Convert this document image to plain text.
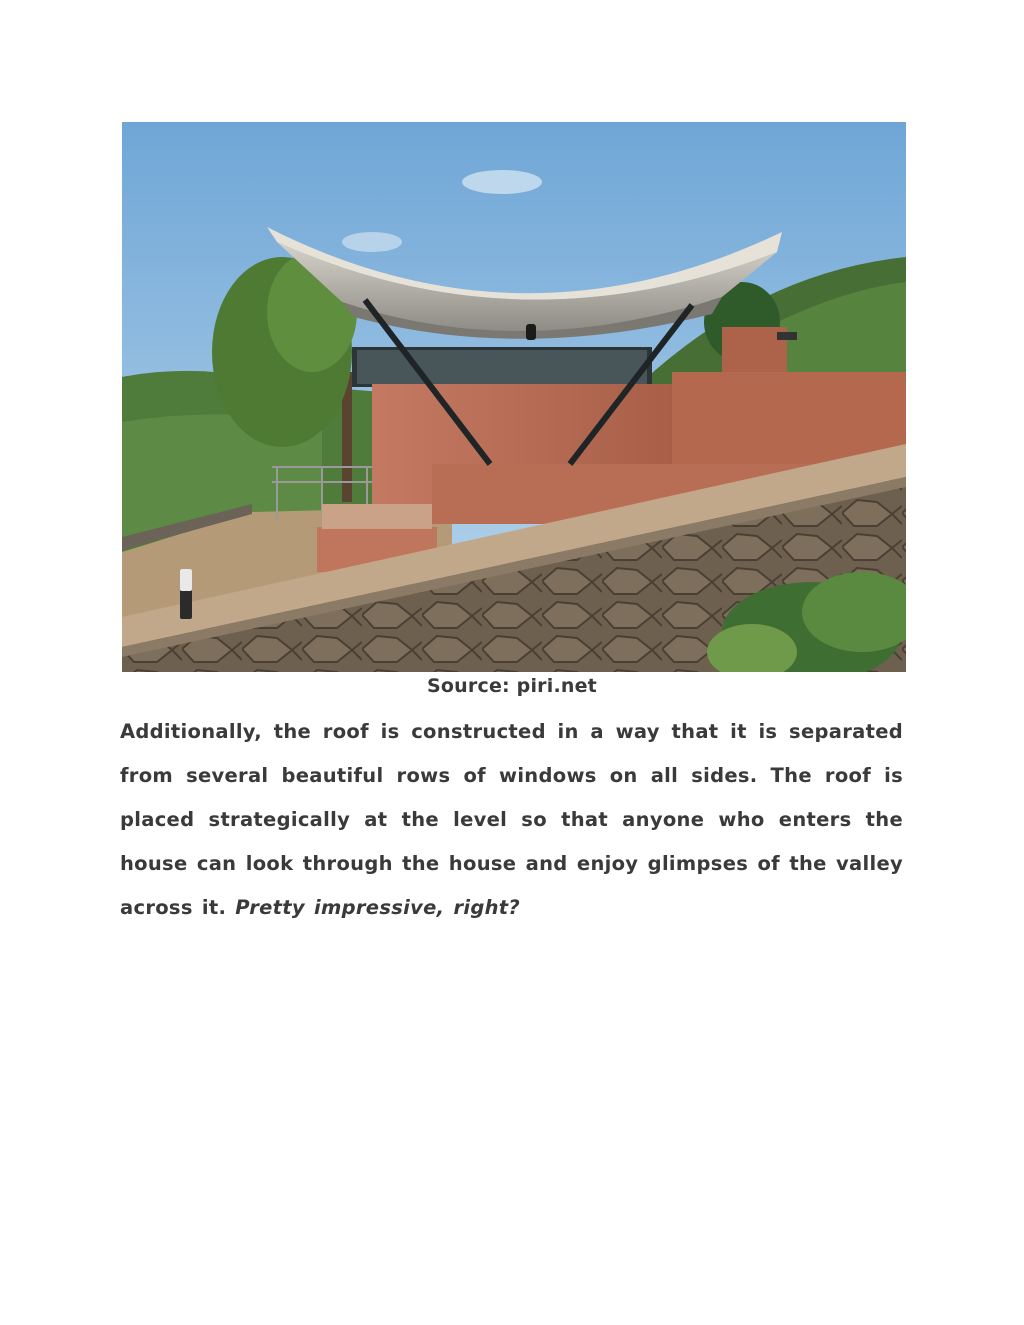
Source: piri.net

Additionally, the roof is constructed in a way that it is separated from several beautiful rows of windows on all sides. The roof is placed strategically at the level so that anyone who enters the house can look through the house and enjoy glimpses of the valley across it. Pretty impressive, right?
